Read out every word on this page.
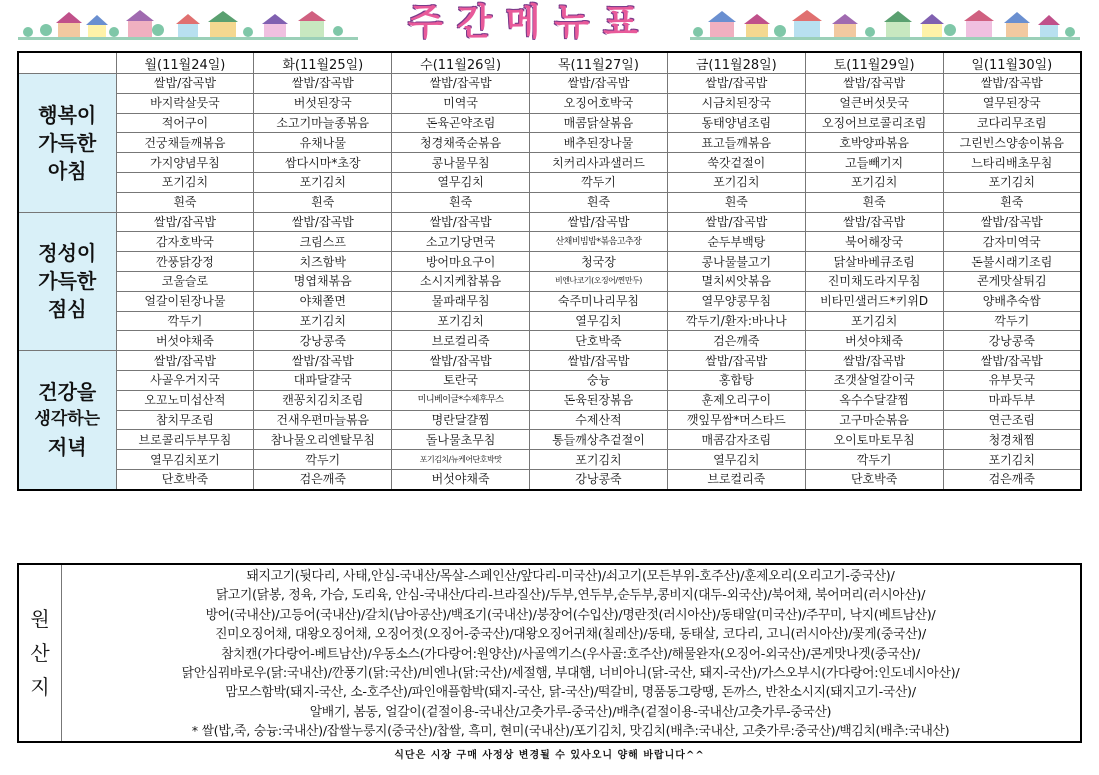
주간메뉴표
	월(11월24일)	화(11월25일)	수(11월26일)	목(11월27일)	금(11월28일)	토(11월29일)	일(11월30일)

행복이
가득한
아침	쌀밥/잡곡밥	쌀밥/잡곡밥	쌀밥/잡곡밥	쌀밥/잡곡밥	쌀밥/잡곡밥	쌀밥/잡곡밥	쌀밥/잡곡밥
	바지락살뭇국	버섯된장국	미역국	오징어호박국	시금치된장국	얼큰버섯뭇국	열무된장국
	적어구이	소고기마늘종볶음	돈육곤약조림	매콤닭살볶음	동태양념조림	오징어브로콜리조림	코다리무조림
	건궁채들깨볶음	유채나물	청경채죽순볶음	배추된장나물	표고들깨볶음	호박양파볶음	그린빈스양송이볶음
	가지양념무침	쌈다시마*초장	콩나물무침	치커리사과샐러드	쑥갓겉절이	고들빼기지	느타리배초무침
	포기김치	포기김치	열무김치	깍두기	포기김치	포기김치	포기김치
	흰죽	흰죽	흰죽	흰죽	흰죽	흰죽	흰죽

정성이
가득한
점심	쌀밥/잡곡밥	쌀밥/잡곡밥	쌀밥/잡곡밥	쌀밥/잡곡밥	쌀밥/잡곡밥	쌀밥/잡곡밥	쌀밥/잡곡밥
	감자호박국	크림스프	소고기당면국	산채비빔밥*볶음고추장	순두부백탕	북어해장국	감자미역국
	깐풍닭강정	치즈함박	방어마요구이	청국장	콩나물불고기	닭살바베큐조림	돈불시래기조림
	코울슬로	명엽채볶음	소시지케찹볶음	비엔나코기(오징어/찐만두)	멸치씨앗볶음	진미채도라지무침	콘게맛살튀김
	얼갈이된장나물	야채쫄면	물파래무침	숙주미나리무침	열무양콩무침	비타민샐러드*키위D	양배추숙쌈
	깍두기	포기김치	포기김치	열무김치	깍두기/환자:바나나	포기김치	깍두기
	버섯야채죽	강낭콩죽	브로컬리죽	단호박죽	검은깨죽	버섯야채죽	강낭콩죽

건강을
생각하는
저녁	쌀밥/잡곡밥	쌀밥/잡곡밥	쌀밥/잡곡밥	쌀밥/잡곡밥	쌀밥/잡곡밥	쌀밥/잡곡밥	쌀밥/잡곡밥
	사골우거지국	대파달걀국	토란국	숭늉	홍합탕	조갯살얼갈이국	유부뭇국
	오꼬노미섭산적	캔꽁치김치조림	미니베이글*수제후무스	돈육된장볶음	훈제오리구이	옥수수달걀찜	마파두부
	참치무조림	건새우편마늘볶음	명란달걀찜	수제산적	깻잎무쌈*머스타드	고구마순볶음	연근조림
	브로콜리두부무침	참나물오리엔탈무침	돌나물초무침	통들깨상추겉절이	매콤감자조림	오이토마토무침	청경채찜
	열무김치포기	깍두기	포기김치/뉴케어단호박맛	포기김치	열무김치	깍두기	포기김치
	단호박죽	검은깨죽	버섯야채죽	강낭콩죽	브로컬리죽	단호박죽	검은깨죽
원
산
지
돼지고기(뒷다리, 사태,안심-국내산/목살-스페인산/앞다리-미국산)/쇠고기(모든부위-호주산)/훈제오리(오리고기-중국산)/
닭고기(닭봉, 정육, 가슴, 도리육, 안심-국내산/다리-브라질산)/두부,연두부,순두부,콩비지(대두-외국산)/북어채, 북어머리(러시아산)/
방어(국내산)/고등어(국내산)/갈치(남아공산)/백조기(국내산)/붕장어(수입산)/명란젓(러시아산)/동태알(미국산)/주꾸미, 낙지(베트남산)/
진미오징어채, 대왕오징어채, 오징어젓(오징어-중국산)/대왕오징어귀채(칠레산)/동태, 동태살, 코다리, 고니(러시아산)/꽃게(중국산)/
참치캔(가다랑어-베트남산)/우동소스(가다랑어:원양산)/사골엑기스(우사골:호주산)/해물완자(오징어-외국산)/콘게맛나겟(중국산)/
닭안심꿔바로우(닭:국내산)/깐풍기(닭:국산)/비엔나(닭:국산)/세절햄, 부대햄, 너비아니(닭-국산, 돼지-국산)/가스오부시(가다랑어:인도네시아산)/
맘모스함박(돼지-국산, 소-호주산)/파인애플함박(돼지-국산, 닭-국산)/떡갈비, 명품동그랑땡, 돈까스, 반찬소시지(돼지고기-국산)/
알배기, 봄동, 얼갈이(겉절이용-국내산/고춧가루-중국산)/배추(겉절이용-국내산/고춧가루-중국산)
* 쌀(밥,죽, 숭늉:국내산)/잡쌀누룽지(중국산)/찹쌀, 흑미, 현미(국내산)/포기김치, 맛김치(배추:국내산, 고춧가루:중국산)/백김치(배추:국내산)
식단은 시장 구매 사정상 변경될 수 있사오니 양해 바랍니다^^
